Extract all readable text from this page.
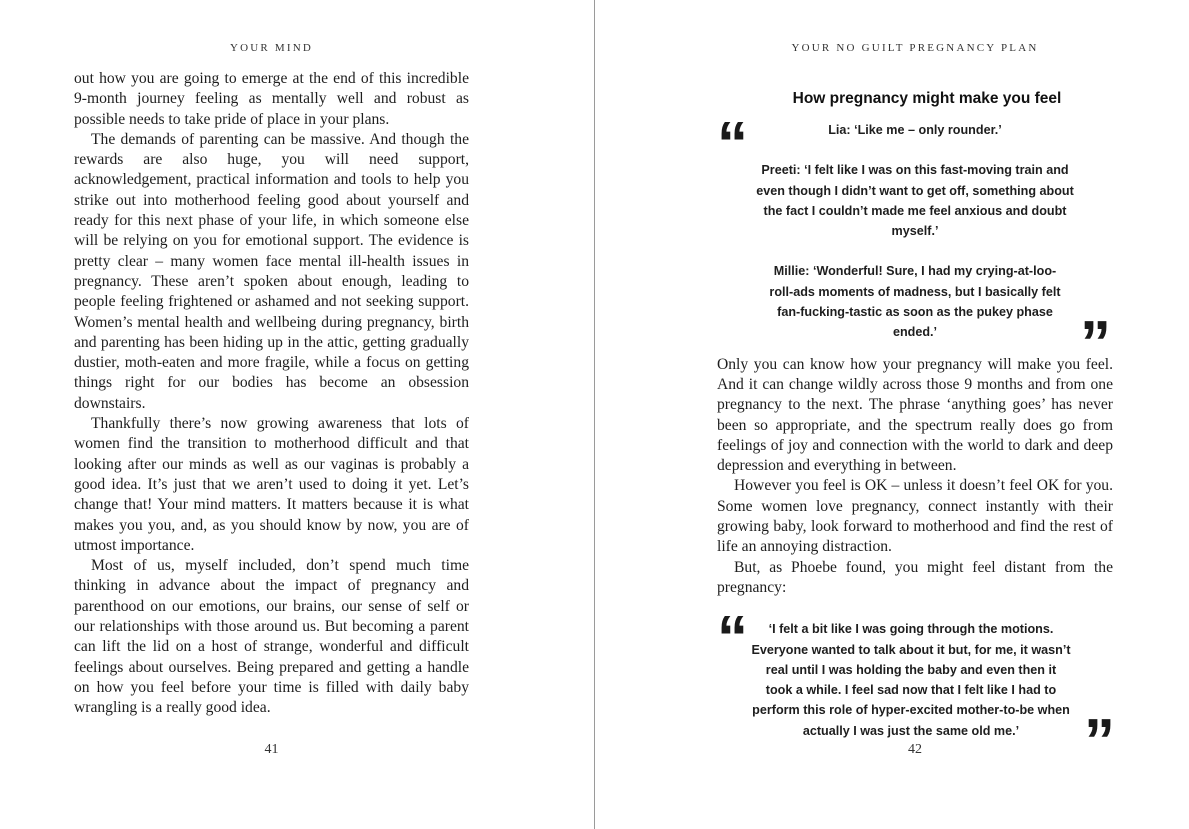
YOUR MIND

out how you are going to emerge at the end of this incredible 9-month journey feeling as mentally well and robust as possible needs to take pride of place in your plans.

The demands of parenting can be massive. And though the rewards are also huge, you will need support, acknowledgement, practical information and tools to help you strike out into motherhood feeling good about yourself and ready for this next phase of your life, in which someone else will be relying on you for emotional support. The evidence is pretty clear – many women face mental ill-health issues in pregnancy. These aren’t spoken about enough, leading to people feeling frightened or ashamed and not seeking support. Women’s mental health and wellbeing during pregnancy, birth and parenting has been hiding up in the attic, getting gradually dustier, moth-eaten and more fragile, while a focus on getting things right for our bodies has become an obsession downstairs.

Thankfully there’s now growing awareness that lots of women find the transition to motherhood difficult and that looking after our minds as well as our vaginas is probably a good idea. It’s just that we aren’t used to doing it yet. Let’s change that! Your mind matters. It matters because it is what makes you you, and, as you should know by now, you are of utmost importance.

Most of us, myself included, don’t spend much time thinking in advance about the impact of pregnancy and parenthood on our emotions, our brains, our sense of self or our relationships with those around us. But becoming a parent can lift the lid on a host of strange, wonderful and difficult feelings about ourselves. Being prepared and getting a handle on how you feel before your time is filled with daily baby wrangling is a really good idea.

41
YOUR NO GUILT PREGNANCY PLAN
How pregnancy might make you feel
“	Lia: ‘Like me – only rounder.’
Preeti: ‘I felt like I was on this fast-moving train and even though I didn’t want to get off, something about the fact I couldn’t made me feel anxious and doubt myself.’
Millie: ‘Wonderful! Sure, I had my crying-at-loo-roll-ads moments of madness, but I basically felt fan-fucking-tastic as soon as the pukey phase ended.’	”

Only you can know how your pregnancy will make you feel. And it can change wildly across those 9 months and from one pregnancy to the next. The phrase ‘anything goes’ has never been so appropriate, and the spectrum really does go from feelings of joy and connection with the world to dark and deep depression and everything in between.

However you feel is OK – unless it doesn’t feel OK for you. Some women love pregnancy, connect instantly with their growing baby, look forward to motherhood and find the rest of life an annoying distraction.

But, as Phoebe found, you might feel distant from the pregnancy:

“	‘I felt a bit like I was going through the motions. Everyone wanted to talk about it but, for me, it wasn’t real until I was holding the baby and even then it took a while. I feel sad now that I felt like I had to perform this role of hyper-excited mother-to-be when actually I was just the same old me.’	”
42
